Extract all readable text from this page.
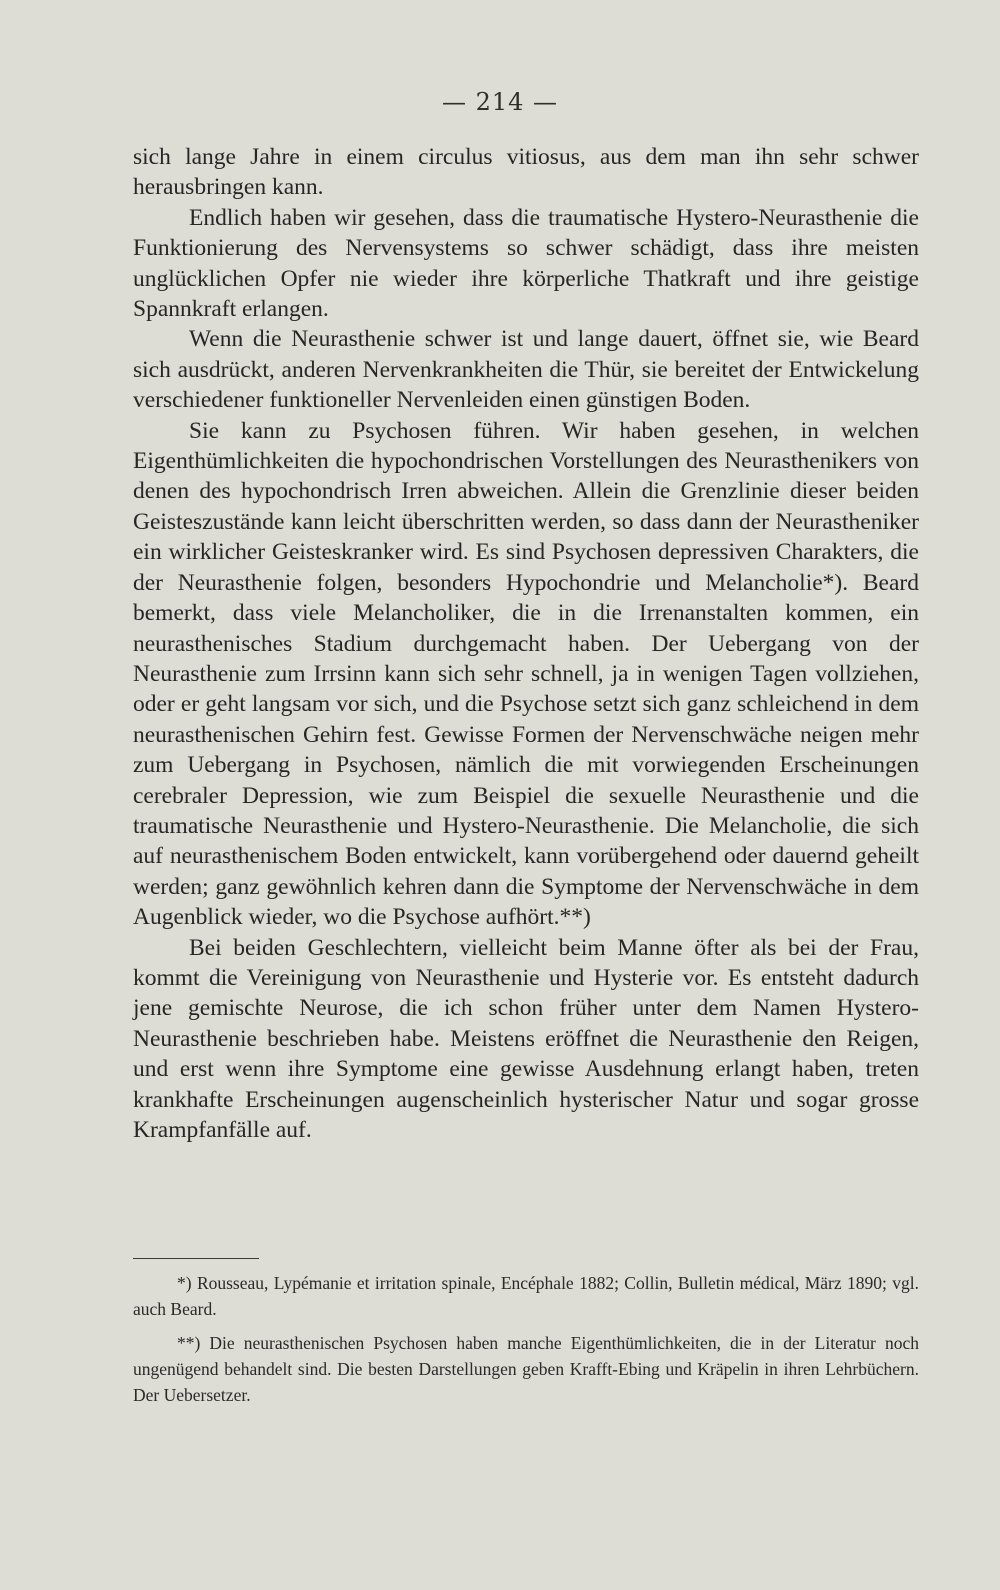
— 214 —

sich lange Jahre in einem circulus vitiosus, aus dem man ihn sehr schwer herausbringen kann.

Endlich haben wir gesehen, dass die traumatische Hystero-Neurasthenie die Funktionierung des Nervensystems so schwer schädigt, dass ihre meisten unglücklichen Opfer nie wieder ihre körperliche Thatkraft und ihre geistige Spannkraft erlangen.

Wenn die Neurasthenie schwer ist und lange dauert, öffnet sie, wie Beard sich ausdrückt, anderen Nervenkrankheiten die Thür, sie bereitet der Entwickelung verschiedener funktioneller Nervenleiden einen günstigen Boden.

Sie kann zu Psychosen führen. Wir haben gesehen, in welchen Eigenthümlichkeiten die hypochondrischen Vorstellungen des Neurasthenikers von denen des hypochondrisch Irren abweichen. Allein die Grenzlinie dieser beiden Geisteszustände kann leicht überschritten werden, so dass dann der Neurastheniker ein wirklicher Geisteskranker wird. Es sind Psychosen depressiven Charakters, die der Neurasthenie folgen, besonders Hypochondrie und Melancholie*). Beard bemerkt, dass viele Melancholiker, die in die Irrenanstalten kommen, ein neurasthenisches Stadium durchgemacht haben. Der Uebergang von der Neurasthenie zum Irrsinn kann sich sehr schnell, ja in wenigen Tagen vollziehen, oder er geht langsam vor sich, und die Psychose setzt sich ganz schleichend in dem neurasthenischen Gehirn fest. Gewisse Formen der Nervenschwäche neigen mehr zum Uebergang in Psychosen, nämlich die mit vorwiegenden Erscheinungen cerebraler Depression, wie zum Beispiel die sexuelle Neurasthenie und die traumatische Neurasthenie und Hystero-Neurasthenie. Die Melancholie, die sich auf neurasthenischem Boden entwickelt, kann vorübergehend oder dauernd geheilt werden; ganz gewöhnlich kehren dann die Symptome der Nervenschwäche in dem Augenblick wieder, wo die Psychose aufhört.**)

Bei beiden Geschlechtern, vielleicht beim Manne öfter als bei der Frau, kommt die Vereinigung von Neurasthenie und Hysterie vor. Es entsteht dadurch jene gemischte Neurose, die ich schon früher unter dem Namen Hystero-Neurasthenie beschrieben habe. Meistens eröffnet die Neurasthenie den Reigen, und erst wenn ihre Symptome eine gewisse Ausdehnung erlangt haben, treten krankhafte Erscheinungen augenscheinlich hysterischer Natur und sogar grosse Krampfanfälle auf.

*) Rousseau, Lypémanie et irritation spinale, Encéphale 1882; Collin, Bulletin médical, März 1890; vgl. auch Beard.

**) Die neurasthenischen Psychosen haben manche Eigenthümlichkeiten, die in der Literatur noch ungenügend behandelt sind. Die besten Darstellungen geben Krafft-Ebing und Kräpelin in ihren Lehrbüchern. Der Uebersetzer.
